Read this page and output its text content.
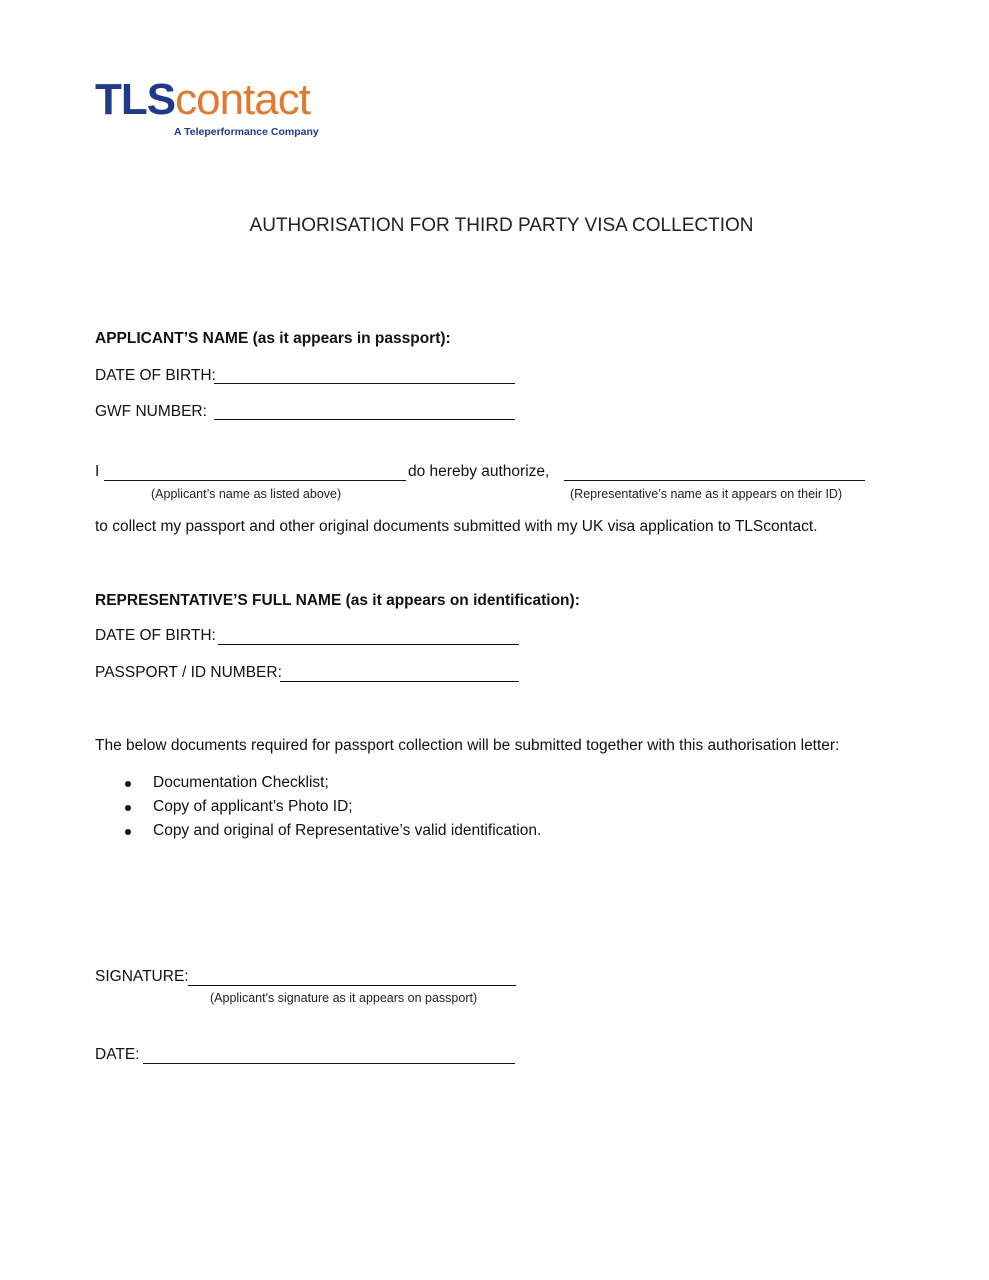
TLScontact
A Teleperformance Company
AUTHORISATION FOR THIRD PARTY VISA COLLECTION
APPLICANT’S NAME (as it appears in passport):
DATE OF BIRTH:
GWF NUMBER:
I	do hereby authorize,
(Applicant’s name as listed above)	(Representative’s name as it appears on their ID)
to collect my passport and other original documents submitted with my UK visa application to TLScontact.
REPRESENTATIVE’S FULL NAME (as it appears on identification):
DATE OF BIRTH:
PASSPORT / ID NUMBER:
The below documents required for passport collection will be submitted together with this authorisation letter:
Documentation Checklist;
Copy of applicant’s Photo ID;
Copy and original of Representative’s valid identification.
SIGNATURE:
(Applicant's signature as it appears on passport)
DATE:
